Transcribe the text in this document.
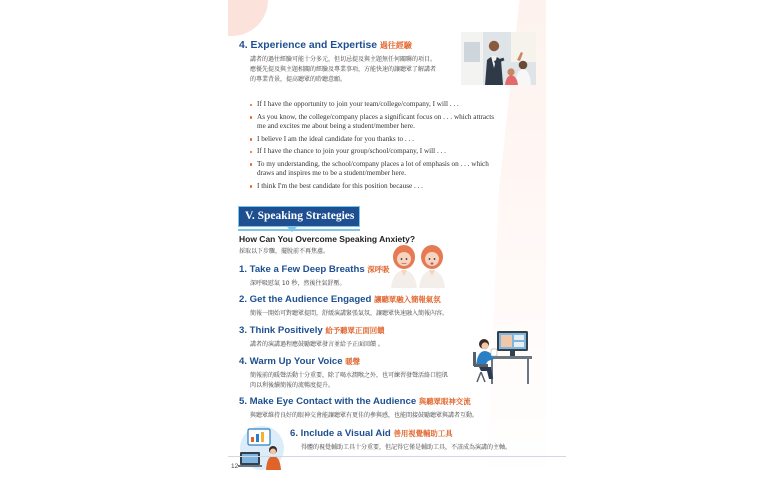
4. Experience and Expertise 過往經驗
講者的過往經驗可能十分多元，但切忌提及與主題無任何關聯的項目。
應優先提及與主題相關的經驗及專業事項，方能快速的讓聽眾了解講者
的專業背景，提高聽眾的聆聽意願。
If I have the opportunity to join your team/college/company, I will . . .
As you know, the college/company places a significant focus on . . . which attracts
me and excites me about being a student/member here.
I believe I am the ideal candidate for you thanks to . . .
If I have the chance to join your group/school/company, I will . . .
To my understanding, the school/company places a lot of emphasis on . . . which
draws and inspires me to be a student/member here.
I think I'm the best candidate for this position because . . .
V. Speaking Strategies
How Can You Overcome Speaking Anxiety?
採取以下步驟，擺脫前不再焦慮。
1. Take a Few Deep Breaths 深呼吸
深呼吸慰氣 10 秒，然後往氣舒壓。
2. Get the Audience Engaged 讓聽眾融入簡報氣氛
簡報一開始可對聽眾提問，舒緩演講緊張氣氛，讓聽眾快速融入簡報內容。
3. Think Positively 給予聽眾正面回饋
講者的演講過程應鼓勵聽眾發言並給予正面回饋 。
4. Warm Up Your Voice 暖聲
簡報前的暖聲活動十分重要，除了喝水潤喉之外，也可練習發聲活絡口腔肌
肉以利後續簡報的流暢度提升。
5. Make Eye Contact with the Audience 與聽眾眼神交流
與聽眾維持良好的眼神交會能讓聽眾有更佳的參與感，也能間接鼓勵聽眾與講者互動。
6. Include a Visual Aid 善用視覺輔助工具
得體的視覺輔助工具十分重要，但記得它僅是輔助工具，不該成為演講的主軸。
12
